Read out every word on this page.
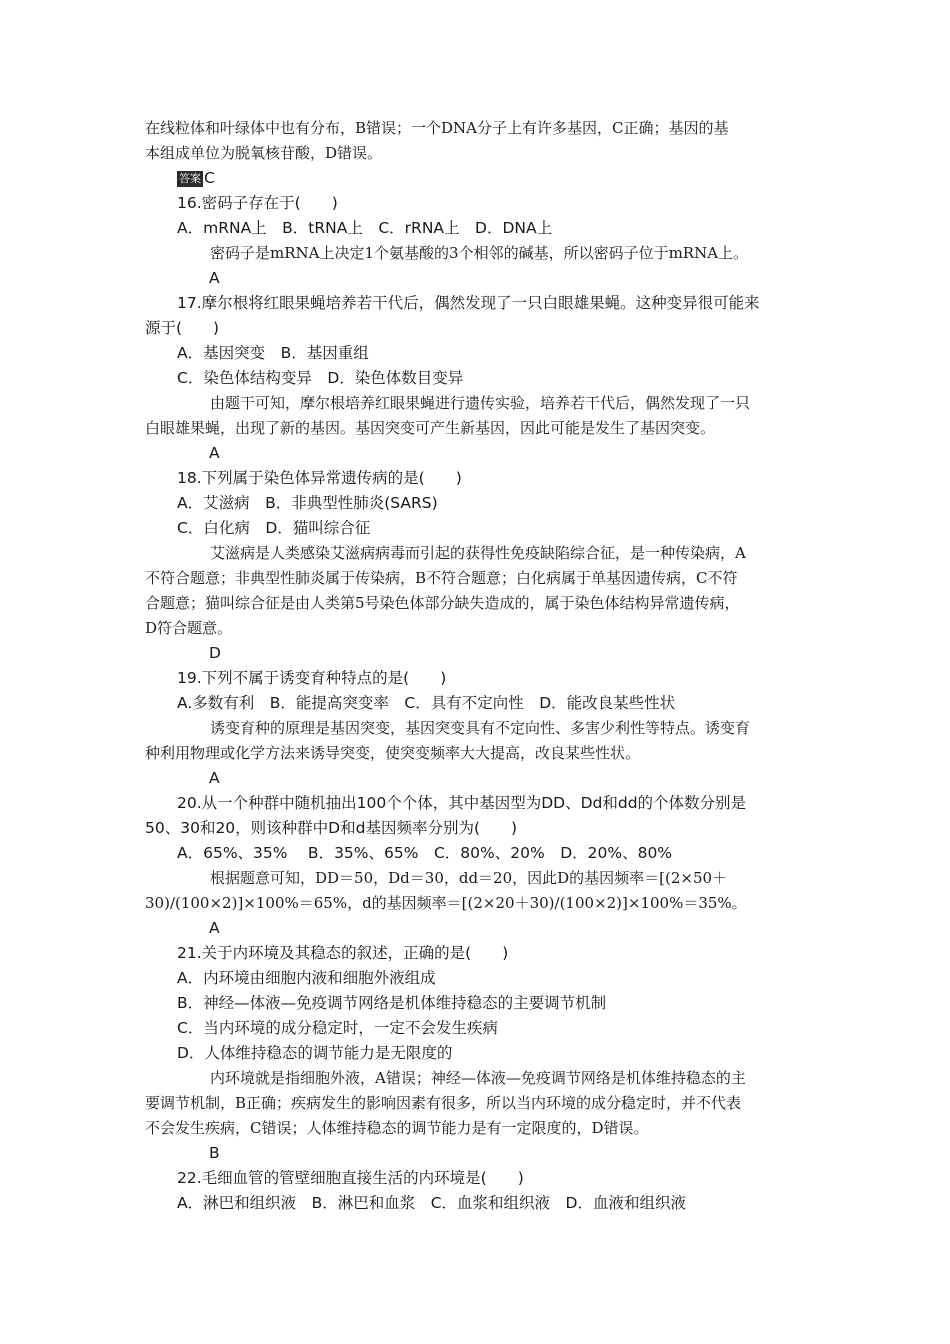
在线粒体和叶绿体中也有分布，B错误；一个DNA分子上有许多基因，C正确；基因的基
本组成单位为脱氧核苷酸，D错误。
答案 C
16.密码子存在于(　　)
A．mRNA上　B．tRNA上　C．rRNA上　D．DNA上
密码子是mRNA上决定1个氨基酸的3个相邻的碱基，所以密码子位于mRNA上。
A
17.摩尔根将红眼果蝇培养若干代后，偶然发现了一只白眼雄果蝇。这种变异很可能来
源于(　　)
A．基因突变　B．基因重组
C．染色体结构变异　D．染色体数目变异
由题干可知，摩尔根培养红眼果蝇进行遗传实验，培养若干代后，偶然发现了一只
白眼雄果蝇，出现了新的基因。基因突变可产生新基因，因此可能是发生了基因突变。
A
18.下列属于染色体异常遗传病的是(　　)
A．艾滋病　B．非典型性肺炎(SARS)
C．白化病　D．猫叫综合征
艾滋病是人类感染艾滋病病毒而引起的获得性免疫缺陷综合征，是一种传染病，A
不符合题意；非典型性肺炎属于传染病，B不符合题意；白化病属于单基因遗传病，C不符
合题意；猫叫综合征是由人类第5号染色体部分缺失造成的，属于染色体结构异常遗传病，
D符合题意。
D
19.下列不属于诱变育种特点的是(　　)
A.多数有利　B．能提高突变率　C．具有不定向性　D．能改良某些性状
诱变育种的原理是基因突变，基因突变具有不定向性、多害少利性等特点。诱变育
种利用物理或化学方法来诱导突变，使突变频率大大提高，改良某些性状。
A
20.从一个种群中随机抽出100个个体，其中基因型为DD、Dd和dd的个体数分别是
50、30和20，则该种群中D和d基因频率分别为(　　)
A．65%、35%　 B．35%、65%　C．80%、20%　D．20%、80%
根据题意可知，DD＝50，Dd＝30，dd＝20，因此D的基因频率＝[(2×50＋
30)/(100×2)]×100%＝65%，d的基因频率＝[(2×20＋30)/(100×2)]×100%＝35%。
A
21.关于内环境及其稳态的叙述，正确的是(　　)
A．内环境由细胞内液和细胞外液组成
B．神经—体液—免疫调节网络是机体维持稳态的主要调节机制
C．当内环境的成分稳定时，一定不会发生疾病
D．人体维持稳态的调节能力是无限度的
内环境就是指细胞外液，A错误；神经—体液—免疫调节网络是机体维持稳态的主
要调节机制，B正确；疾病发生的影响因素有很多，所以当内环境的成分稳定时，并不代表
不会发生疾病，C错误；人体维持稳态的调节能力是有一定限度的，D错误。
B
22.毛细血管的管壁细胞直接生活的内环境是(　　)
A．淋巴和组织液　B．淋巴和血浆　C．血浆和组织液　D．血液和组织液
